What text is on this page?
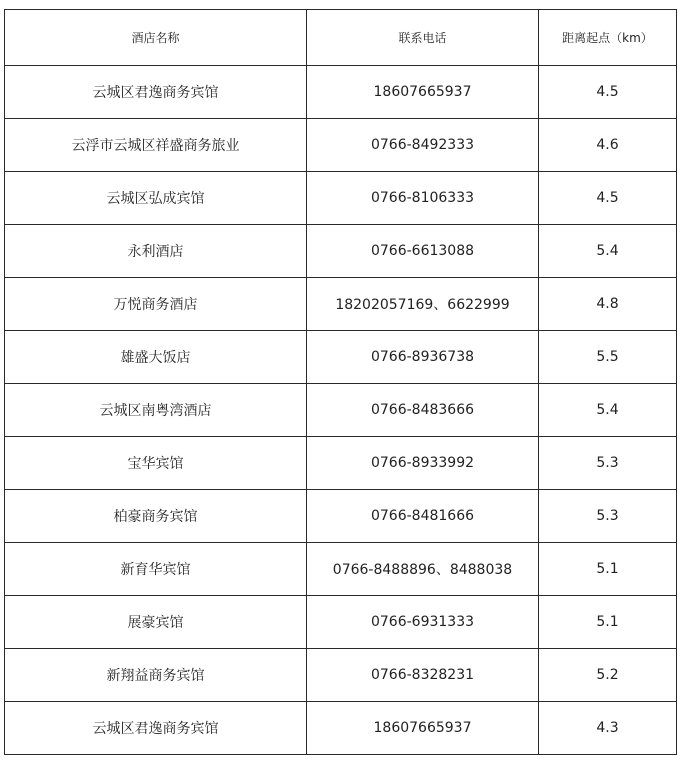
酒店名称	联系电话	距离起点（km）
云城区君逸商务宾馆	18607665937	4.5
云浮市云城区祥盛商务旅业	0766-8492333	4.6
云城区弘成宾馆	0766-8106333	4.5
永利酒店	0766-6613088	5.4
万悦商务酒店	18202057169、6622999	4.8
雄盛大饭店	0766-8936738	5.5
云城区南粤湾酒店	0766-8483666	5.4
宝华宾馆	0766-8933992	5.3
柏豪商务宾馆	0766-8481666	5.3
新育华宾馆	0766-8488896、8488038	5.1
展豪宾馆	0766-6931333	5.1
新翔益商务宾馆	0766-8328231	5.2
云城区君逸商务宾馆	18607665937	4.3
